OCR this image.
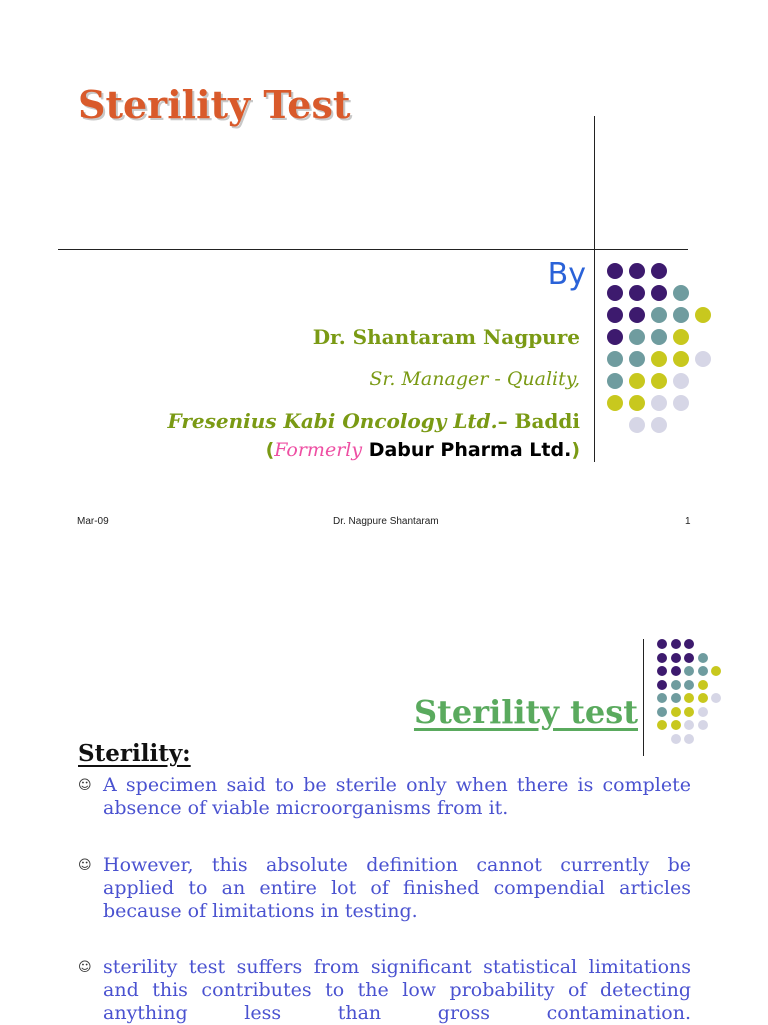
Sterility Test
By
Dr. Shantaram Nagpure
Sr. Manager - Quality,
Fresenius Kabi Oncology Ltd.– Baddi
(Formerly Dabur Pharma Ltd.)
Mar-09	Dr. Nagpure Shantaram	1
Sterility test
Sterility:
☺ A specimen said to be sterile only when there is complete absence of viable microorganisms from it.
☺ However, this absolute definition cannot currently be applied to an entire lot of finished compendial articles because of limitations in testing.
☺ sterility test suffers from significant statistical limitations and this contributes to the low probability of detecting anything less than gross contamination.
